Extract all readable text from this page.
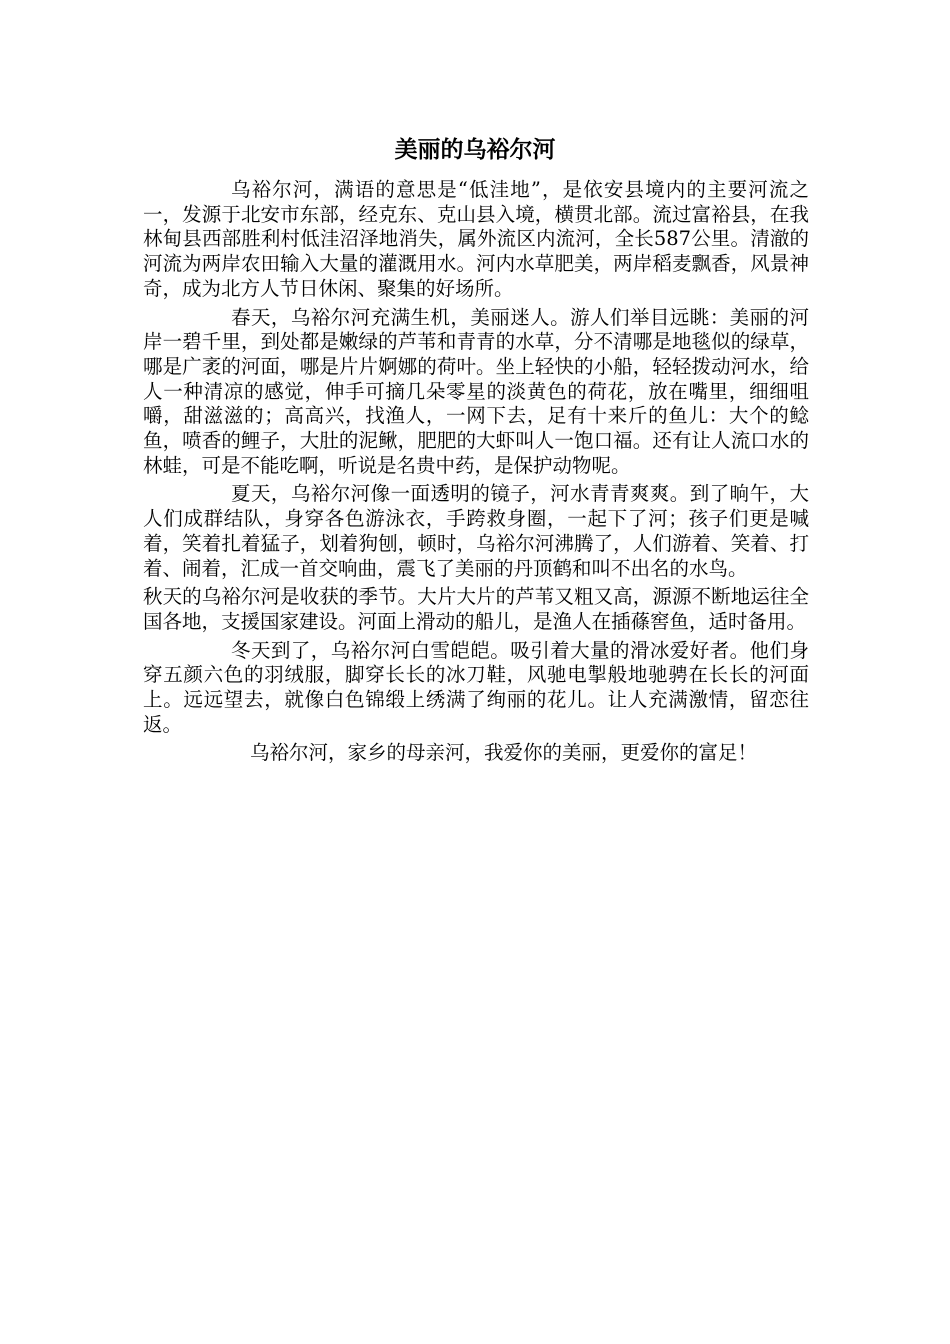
美丽的乌裕尔河

乌裕尔河，满语的意思是“低洼地”，是依安县境内的主要河流之一，发源于北安市东部，经克东、克山县入境，横贯北部。流过富裕县，在我林甸县西部胜利村低洼沼泽地消失，属外流区内流河，全长587公里。清澈的河流为两岸农田输入大量的灌溉用水。河内水草肥美，两岸稻麦飘香，风景神奇，成为北方人节日休闲、聚集的好场所。

春天，乌裕尔河充满生机，美丽迷人。游人们举目远眺：美丽的河岸一碧千里，到处都是嫩绿的芦苇和青青的水草，分不清哪是地毯似的绿草，哪是广袤的河面，哪是片片婀娜的荷叶。坐上轻快的小船，轻轻拨动河水，给人一种清凉的感觉，伸手可摘几朵零星的淡黄色的荷花，放在嘴里，细细咀嚼，甜滋滋的；高高兴，找渔人，一网下去，足有十来斤的鱼儿：大个的鲶鱼，喷香的鲤子，大肚的泥鳅，肥肥的大虾叫人一饱口福。还有让人流口水的林蛙，可是不能吃啊，听说是名贵中药，是保护动物呢。

夏天，乌裕尔河像一面透明的镜子，河水青青爽爽。到了晌午，大人们成群结队，身穿各色游泳衣，手跨救身圈，一起下了河；孩子们更是喊着，笑着扎着猛子，划着狗刨，顿时，乌裕尔河沸腾了，人们游着、笑着、打着、闹着，汇成一首交响曲，震飞了美丽的丹顶鹤和叫不出名的水鸟。

秋天的乌裕尔河是收获的季节。大片大片的芦苇又粗又高，源源不断地运往全国各地，支援国家建设。河面上滑动的船儿，是渔人在插蓧窖鱼，适时备用。

冬天到了，乌裕尔河白雪皑皑。吸引着大量的滑冰爱好者。他们身穿五颜六色的羽绒服，脚穿长长的冰刀鞋，风驰电掣般地驰骋在长长的河面上。远远望去，就像白色锦缎上绣满了绚丽的花儿。让人充满激情，留恋往返。

乌裕尔河，家乡的母亲河，我爱你的美丽，更爱你的富足！
